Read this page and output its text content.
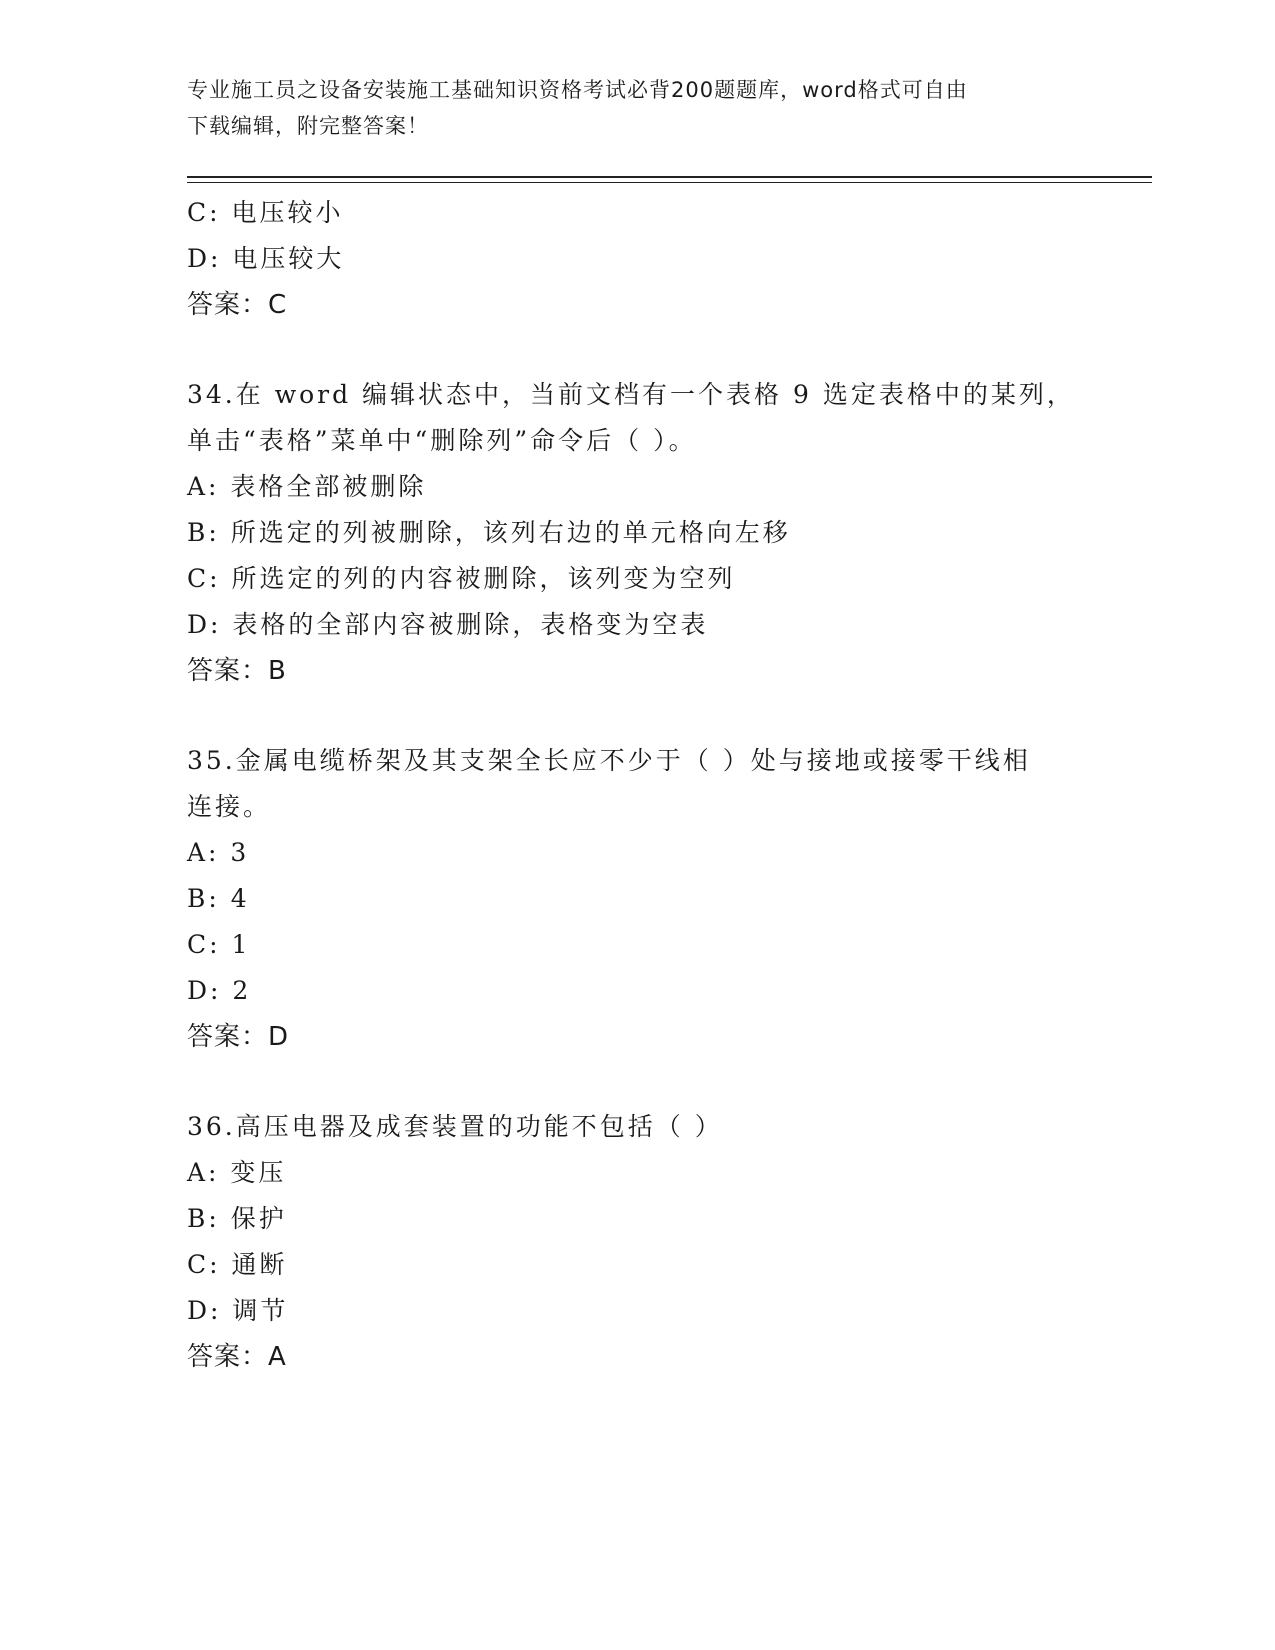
专业施工员之设备安装施工基础知识资格考试必背200题题库，word格式可自由
下载编辑，附完整答案！
C: 电压较小
D: 电压较大
答案：C
34.在 word 编辑状态中，当前文档有一个表格 9 选定表格中的某列，
单击“表格”菜单中“删除列”命令后（ ）。
A: 表格全部被删除
B: 所选定的列被删除，该列右边的单元格向左移
C: 所选定的列的内容被删除，该列变为空列
D: 表格的全部内容被删除，表格变为空表
答案：B
35.金属电缆桥架及其支架全长应不少于（ ）处与接地或接零干线相
连接。
A: 3
B: 4
C: 1
D: 2
答案：D
36.高压电器及成套装置的功能不包括（ ）
A: 变压
B: 保护
C: 通断
D: 调节
答案：A
